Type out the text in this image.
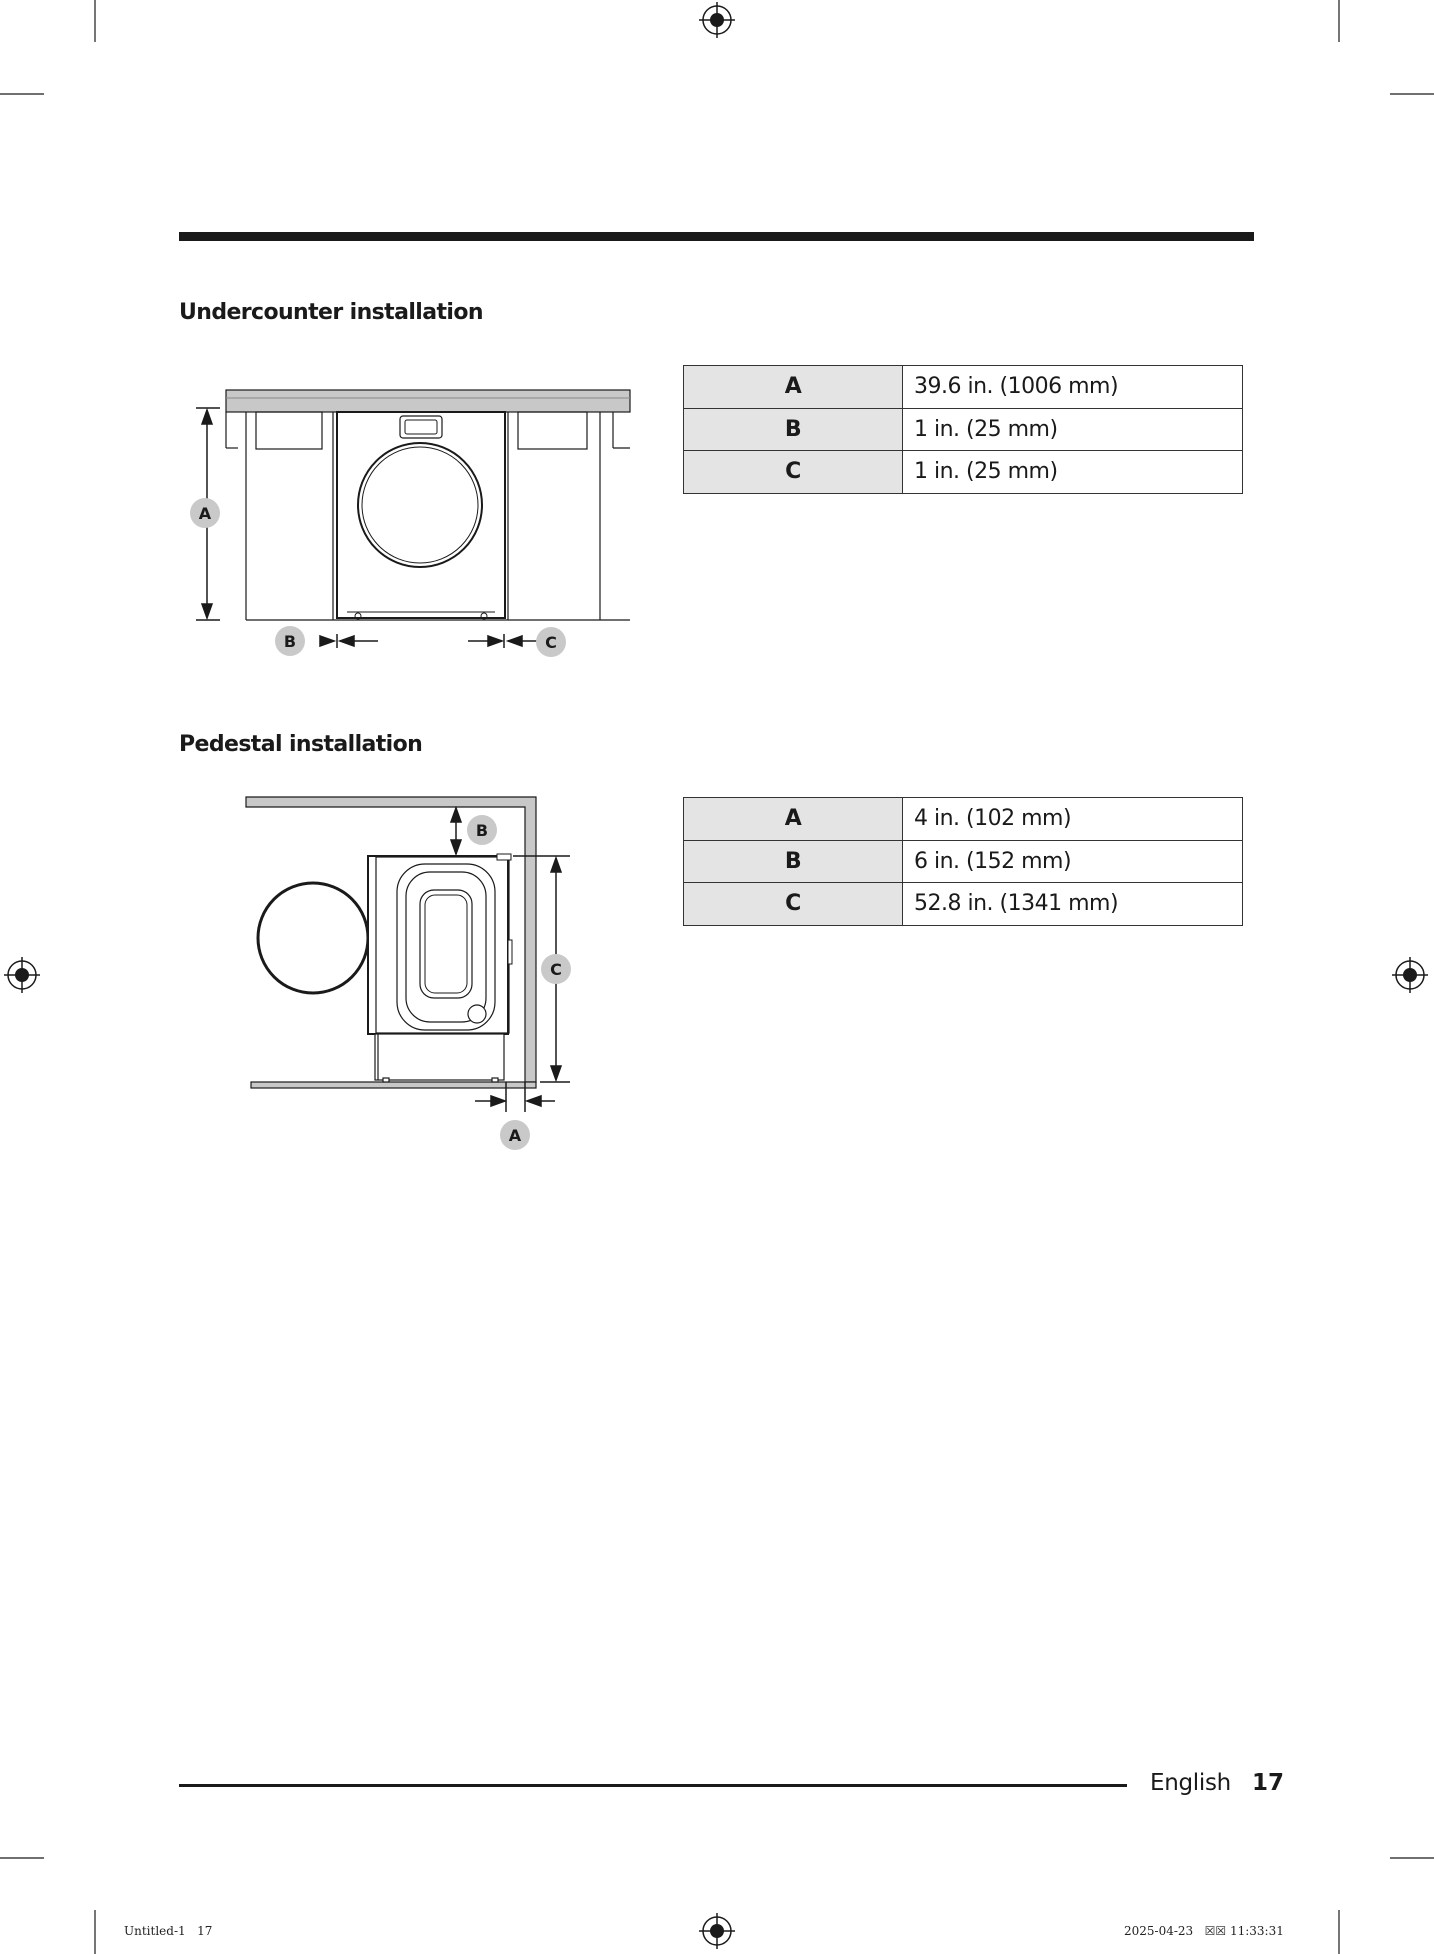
Undercounter installation
A
B	C
A	39.6 in. (1006 mm)
B	1 in. (25 mm)
C	1 in. (25 mm)
Pedestal installation
B
C
A
A	4 in. (102 mm)
B	6 in. (152 mm)
C	52.8 in. (1341 mm)
English 17
Untitled-1   17	2025-04-23   ☒☒ 11:33:31
